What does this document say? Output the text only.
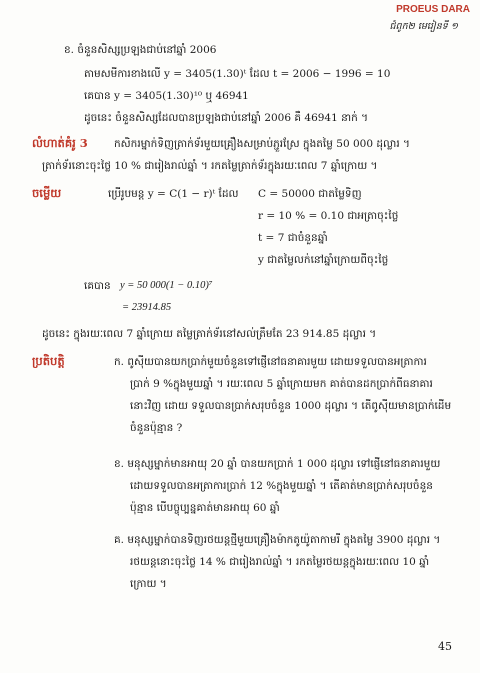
PROEUS DARA
ជំពូក២ មេរៀនទី ១
ខ. ចំនួនសិស្សប្រឡងជាប់នៅឆ្នាំ 2006
តាមសមីការខាងលើ y = 3405(1.30)ᵗ ដែល t = 2006 − 1996 = 10
គេបាន y = 3405(1.30)¹⁰ ឬ 46941
ដូចនេះ ចំនួនសិស្សដែលបានប្រឡងជាប់នៅឆ្នាំ 2006 គឺ 46941 នាក់ ។
លំហាត់គំរូ 3 កសិករម្នាក់ទិញត្រាក់ទ័រមួយគ្រឿងសម្រាប់ភ្ជួរស្រែ ក្នុងតម្លៃ 50 000 ដុល្លារ ។
ត្រាក់ទ័រនោះចុះថ្លៃ 10 % ជារៀងរាល់ឆ្នាំ ។ រកតម្លៃត្រាក់ទ័រក្នុងរយៈពេល 7 ឆ្នាំក្រោយ ។
ចម្លើយ	ប្រើរូបមន្ត y = C(1 − r)ᵗ ដែល C = 50000 ជាតម្លៃទិញ
r = 10 % = 0.10 ជាអត្រាចុះថ្លៃ
t = 7 ជាចំនួនឆ្នាំ
y ជាតម្លៃលក់នៅឆ្នាំក្រោយពីចុះថ្លៃ
គេបាន y = 50 000(1 − 0.10)⁷
= 23914.85
ដូចនេះ ក្នុងរយៈពេល 7 ឆ្នាំក្រោយ តម្លៃត្រាក់ទ័រនៅសល់ត្រឹមតែ 23 914.85 ដុល្លារ ។
ប្រតិបត្តិ	ក. ពូស៊ីយបានយកប្រាក់មួយចំនួនទៅផ្ញើនៅធនាគារមួយ ដោយទទួលបានអត្រាការ
ប្រាក់ 9 %ក្នុងមួយឆ្នាំ ។ រយៈពេល 5 ឆ្នាំក្រោយមក គាត់បានដកប្រាក់ពីធនាគារ
នោះវិញ ដោយ ទទួលបានប្រាក់សរុបចំនួន 1000 ដុល្លារ ។ តើពូស៊ីយមានប្រាក់ដើម
ចំនួនប៉ុន្មាន ?
ខ. មនុស្សម្នាក់មានអាយុ 20 ឆ្នាំ បានយកប្រាក់ 1 000 ដុល្លារ ទៅផ្ញើនៅធនាគារមួយ
ដោយទទួលបានអត្រាការប្រាក់ 12 %ក្នុងមួយឆ្នាំ ។ តើគាត់មានប្រាក់សរុបចំនួន
ប៉ុន្មាន បើបច្ចុប្បន្នគាត់មានអាយុ 60 ឆ្នាំ
គ. មនុស្សម្នាក់បានទិញរថយន្តថ្មីមួយគ្រឿងម៉ាកតូយ៉ូតាកាមរី ក្នុងតម្លៃ 3900 ដុល្លារ ។
រថយន្តនោះចុះថ្លៃ 14 % ជារៀងរាល់ឆ្នាំ ។ រកតម្លៃរថយន្តក្នុងរយៈពេល 10 ឆ្នាំ
ក្រោយ ។
45
